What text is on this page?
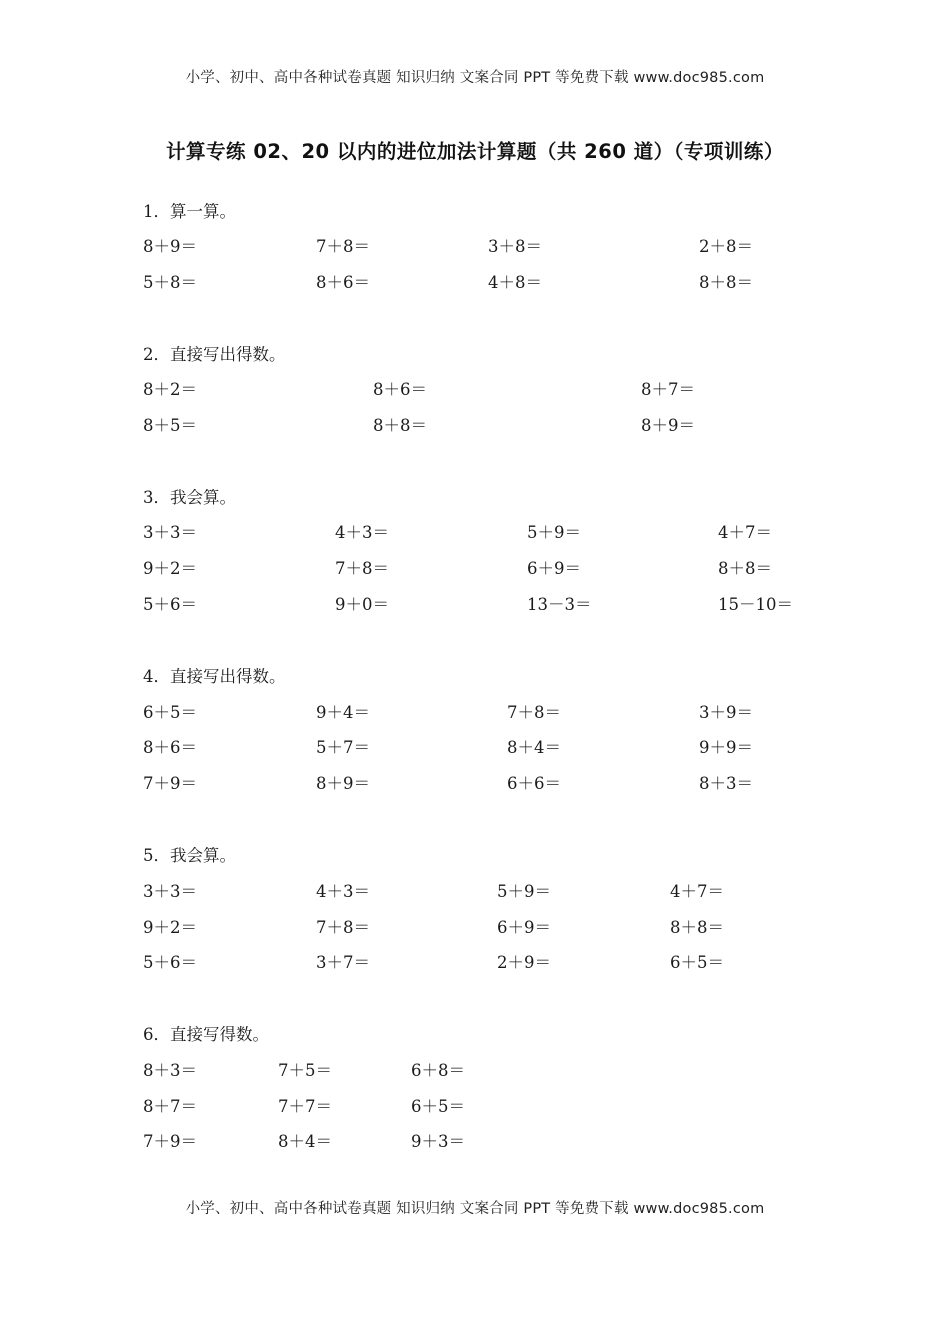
小学、初中、高中各种试卷真题 知识归纳 文案合同 PPT 等免费下载 www.doc985.com
计算专练 02、20 以内的进位加法计算题（共 260 道）（专项训练）
1．算一算。
8＋9＝	7＋8＝	3＋8＝	2＋8＝
5＋8＝	8＋6＝	4＋8＝	8＋8＝
2．直接写出得数。
8＋2＝	8＋6＝	8＋7＝
8＋5＝	8＋8＝	8＋9＝
3．我会算。
3＋3＝	4＋3＝	5＋9＝	4＋7＝
9＋2＝	7＋8＝	6＋9＝	8＋8＝
5＋6＝	9＋0＝	13－3＝	15－10＝
4．直接写出得数。
6＋5＝	9＋4＝	7＋8＝	3＋9＝
8＋6＝	5＋7＝	8＋4＝	9＋9＝
7＋9＝	8＋9＝	6＋6＝	8＋3＝
5．我会算。
3＋3＝	4＋3＝	5＋9＝	4＋7＝
9＋2＝	7＋8＝	6＋9＝	8＋8＝
5＋6＝	3＋7＝	2＋9＝	6＋5＝
6．直接写得数。
8＋3＝	7＋5＝	6＋8＝
8＋7＝	7＋7＝	6＋5＝
7＋9＝	8＋4＝	9＋3＝
小学、初中、高中各种试卷真题 知识归纳 文案合同 PPT 等免费下载 www.doc985.com
